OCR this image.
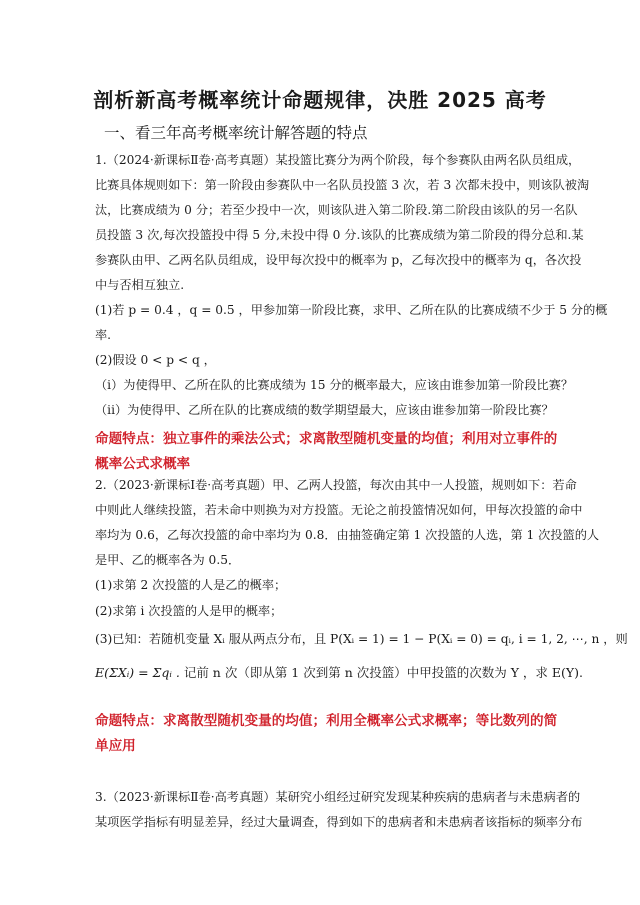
剖析新高考概率统计命题规律，决胜 2025 高考
一、看三年高考概率统计解答题的特点
1.（2024·新课标Ⅱ卷·高考真题）某投篮比赛分为两个阶段，每个参赛队由两名队员组成，
比赛具体规则如下：第一阶段由参赛队中一名队员投篮 3 次，若 3 次都未投中，则该队被淘
汰，比赛成绩为 0 分；若至少投中一次，则该队进入第二阶段.第二阶段由该队的另一名队
员投篮 3 次,每次投篮投中得 5 分,未投中得 0 分.该队的比赛成绩为第二阶段的得分总和.某
参赛队由甲、乙两名队员组成，设甲每次投中的概率为 p，乙每次投中的概率为 q，各次投
中与否相互独立.
(1)若 p = 0.4 ，q = 0.5 ，甲参加第一阶段比赛，求甲、乙所在队的比赛成绩不少于 5 分的概
率.
(2)假设 0 < p < q ，
（i）为使得甲、乙所在队的比赛成绩为 15 分的概率最大，应该由谁参加第一阶段比赛？
（ii）为使得甲、乙所在队的比赛成绩的数学期望最大，应该由谁参加第一阶段比赛？
命题特点：独立事件的乘法公式；求离散型随机变量的均值；利用对立事件的
概率公式求概率
2.（2023·新课标Ⅰ卷·高考真题）甲、乙两人投篮，每次由其中一人投篮，规则如下：若命
中则此人继续投篮，若未命中则换为对方投篮。无论之前投篮情况如何，甲每次投篮的命中
率均为 0.6，乙每次投篮的命中率均为 0.8．由抽签确定第 1 次投篮的人选，第 1 次投篮的人
是甲、乙的概率各为 0.5．
(1)求第 2 次投篮的人是乙的概率；
(2)求第 i 次投篮的人是甲的概率；
(3)已知：若随机变量 Xᵢ 服从两点分布，且 P(Xᵢ = 1) = 1 − P(Xᵢ = 0) = qᵢ, i = 1, 2, ⋯, n ，则
E(ΣXᵢ) = Σqᵢ . 记前 n 次（即从第 1 次到第 n 次投篮）中甲投篮的次数为 Y ，求 E(Y).
命题特点：求离散型随机变量的均值；利用全概率公式求概率；等比数列的简
单应用
3.（2023·新课标Ⅱ卷·高考真题）某研究小组经过研究发现某种疾病的患病者与未患病者的
某项医学指标有明显差异，经过大量调查，得到如下的患病者和未患病者该指标的频率分布
